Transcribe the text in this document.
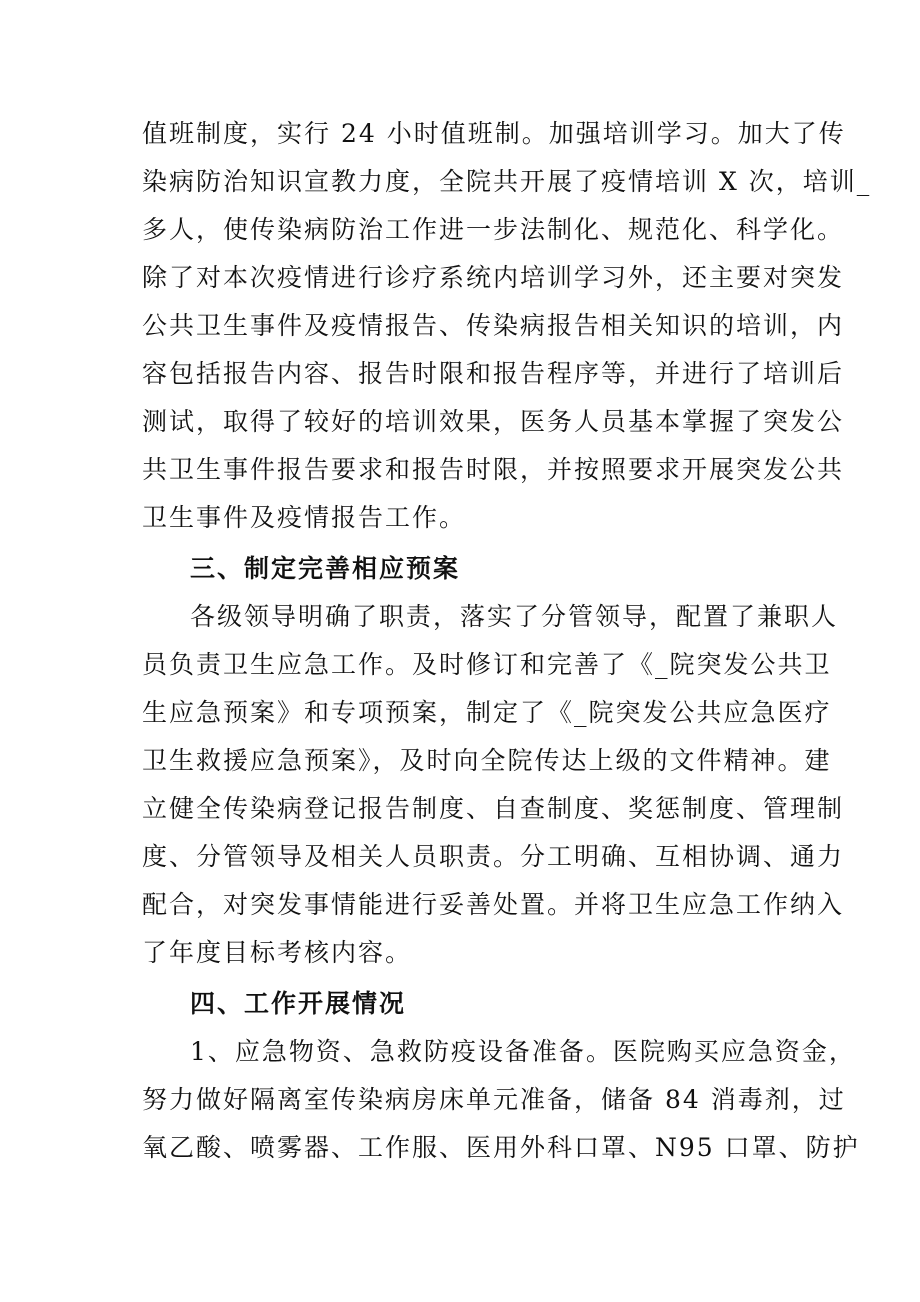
值班制度，实行 24 小时值班制。加强培训学习。加大了传
染病防治知识宣教力度，全院共开展了疫情培训 X 次，培训_
多人，使传染病防治工作进一步法制化、规范化、科学化。
除了对本次疫情进行诊疗系统内培训学习外，还主要对突发
公共卫生事件及疫情报告、传染病报告相关知识的培训，内
容包括报告内容、报告时限和报告程序等，并进行了培训后
测试，取得了较好的培训效果，医务人员基本掌握了突发公
共卫生事件报告要求和报告时限，并按照要求开展突发公共
卫生事件及疫情报告工作。
三、制定完善相应预案
各级领导明确了职责，落实了分管领导，配置了兼职人
员负责卫生应急工作。及时修订和完善了《_院突发公共卫
生应急预案》和专项预案，制定了《_院突发公共应急医疗
卫生救援应急预案》，及时向全院传达上级的文件精神。建
立健全传染病登记报告制度、自查制度、奖惩制度、管理制
度、分管领导及相关人员职责。分工明确、互相协调、通力
配合，对突发事情能进行妥善处置。并将卫生应急工作纳入
了年度目标考核内容。
四、工作开展情况
1、应急物资、急救防疫设备准备。医院购买应急资金，
努力做好隔离室传染病房床单元准备，储备 84 消毒剂，过
氧乙酸、喷雾器、工作服、医用外科口罩、N95 口罩、防护
